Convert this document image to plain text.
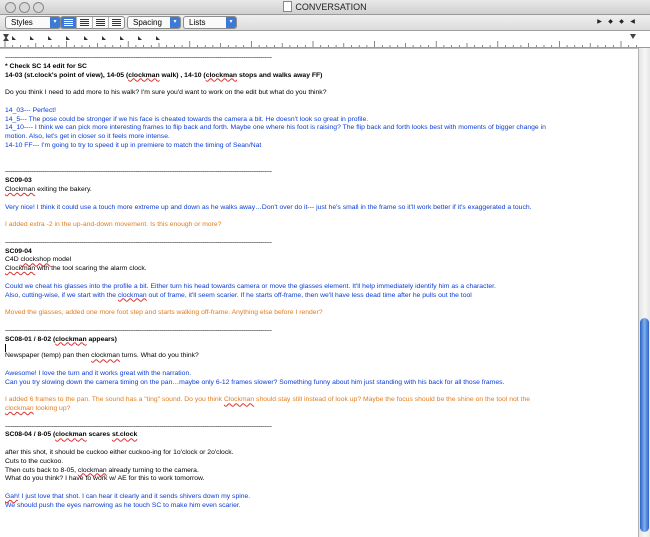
CONVERSATION
Styles	▾	Spacing	▾	Lists	▾	▶	◆	◆	◀

-----------------------------------------------------------------------------------------------------------------------------------------------

* Check SC 14 edit for SC

14-03 (st.clock's point of view), 14-05 (clockman walk) , 14-10 (clockman stops and walks away FF)

Do you think I need to add more to his walk? I'm sure you'd want to work on the edit but what do you think?

14_03--- Perfect!

14_5--- The pose could be stronger if we his face is cheated towards the camera a bit. He doesn't look so great in profile.

14_10---- I think we can pick more interesting frames to flip back and forth. Maybe one where his foot is raising? The flip back and forth looks best with moments of bigger change in

motion. Also, let's get in closer so it feels more intense.

14-10 FF--- I'm going to try to speed it up in premiere to match the timing of Sean/Nat

-----------------------------------------------------------------------------------------------------------------------------------------------

SC09-03

Clockman exiting the bakery.

Very nice! I think it could use a touch more extreme up and down as he walks away…Don't over do it--- just he's small in the frame so it'll work better if it's exaggerated a touch.

I added extra -2 in the up-and-down movement. Is this enough or more?

-----------------------------------------------------------------------------------------------------------------------------------------------

SC09-04

C4D clockshop model

Clockman with the tool scaring the alarm clock.

Could we cheat his glasses into the profile a bit. Either turn his head towards camera or move the glasses element. It'll help immediately identify him as a character.

Also, cutting-wise, if we start with the clockman out of frame, it'll seem scarier. If he starts off-frame, then we'll have less dead time after he pulls out the tool

Moved the glasses, added one more foot step and starts walking off-frame. Anything else before I render?

-----------------------------------------------------------------------------------------------------------------------------------------------

SC08-01 / 8-02 (clockman appears)

Newspaper (temp) pan then clockman turns. What do you think?

Awesome! I love the turn and it works great with the narration.

Can you try slowing down the camera timing on the pan…maybe only 6-12 frames slower? Something funny about him just standing with his back for all those frames.

I added 6 frames to the pan. The sound has a "ting" sound. Do you think Clockman should stay still instead of look up? Maybe the focus should be the shine on the tool not the

clockman looking up?

-----------------------------------------------------------------------------------------------------------------------------------------------

SC08-04 / 8-05 (clockman scares st.clock

after this shot, it should be cuckoo either cuckoo-ing for 1o'clock or 2o'clock.

Cuts to the cuckoo.

Then cuts back to 8-05, clockman already turning to the camera.

What do you think? I have to work w/ AE for this to work tomorrow.

Gah! I just love that shot. I can hear it clearly and it sends shivers down my spine.

We should push the eyes narrowing as he touch SC to make him even scarier.
